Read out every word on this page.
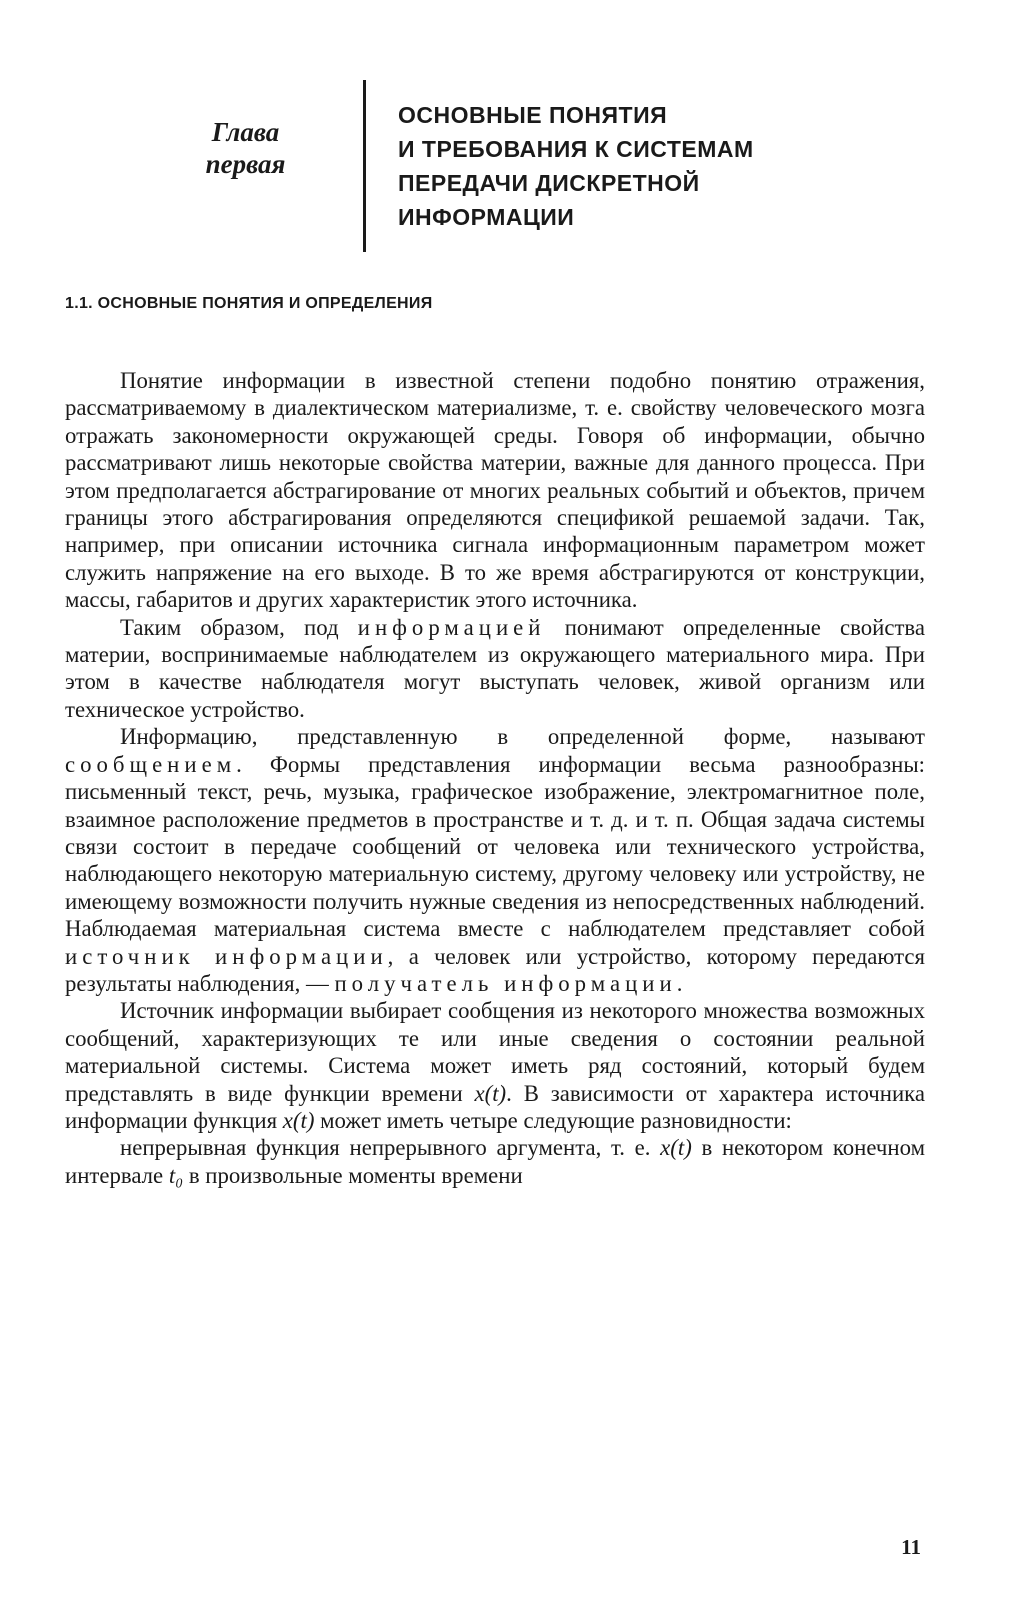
Глава
первая
ОСНОВНЫЕ ПОНЯТИЯ
И ТРЕБОВАНИЯ К СИСТЕМАМ
ПЕРЕДАЧИ ДИСКРЕТНОЙ
ИНФОРМАЦИИ
1.1. ОСНОВНЫЕ ПОНЯТИЯ И ОПРЕДЕЛЕНИЯ

Понятие информации в известной степени подобно понятию отражения, рассматриваемому в диалектическом материализме, т. е. свойству человеческого мозга отражать закономерности окружающей среды. Говоря об информации, обычно рассматривают лишь некоторые свойства материи, важные для данного процесса. При этом предполагается абстрагирование от многих реальных событий и объектов, причем границы этого абстрагирования определяются спецификой решаемой задачи. Так, например, при описании источника сигнала информационным параметром может служить напряжение на его выходе. В то же время абстрагируются от конструкции, массы, габаритов и других характеристик этого источника.

Таким образом, под информацией понимают определенные свойства материи, воспринимаемые наблюдателем из окружающего материального мира. При этом в качестве наблюдателя могут выступать человек, живой организм или техническое устройство.

Информацию, представленную в определенной форме, называют сообщением. Формы представления информации весьма разнообразны: письменный текст, речь, музыка, графическое изображение, электромагнитное поле, взаимное расположение предметов в пространстве и т. д. и т. п. Общая задача системы связи состоит в передаче сообщений от человека или технического устройства, наблюдающего некоторую материальную систему, другому человеку или устройству, не имеющему возможности получить нужные сведения из непосредственных наблюдений. Наблюдаемая материальная система вместе с наблюдателем представляет собой источник информации, а человек или устройство, которому передаются результаты наблюдения, — получатель информации.

Источник информации выбирает сообщения из некоторого множества возможных сообщений, характеризующих те или иные сведения о состоянии реальной материальной системы. Система может иметь ряд состояний, который будем представлять в виде функции времени x(t). В зависимости от характера источника информации функция x(t) может иметь четыре следующие разновидности:

непрерывная функция непрерывного аргумента, т. е. x(t) в некотором конечном интервале t₀ в произвольные моменты времени

11
